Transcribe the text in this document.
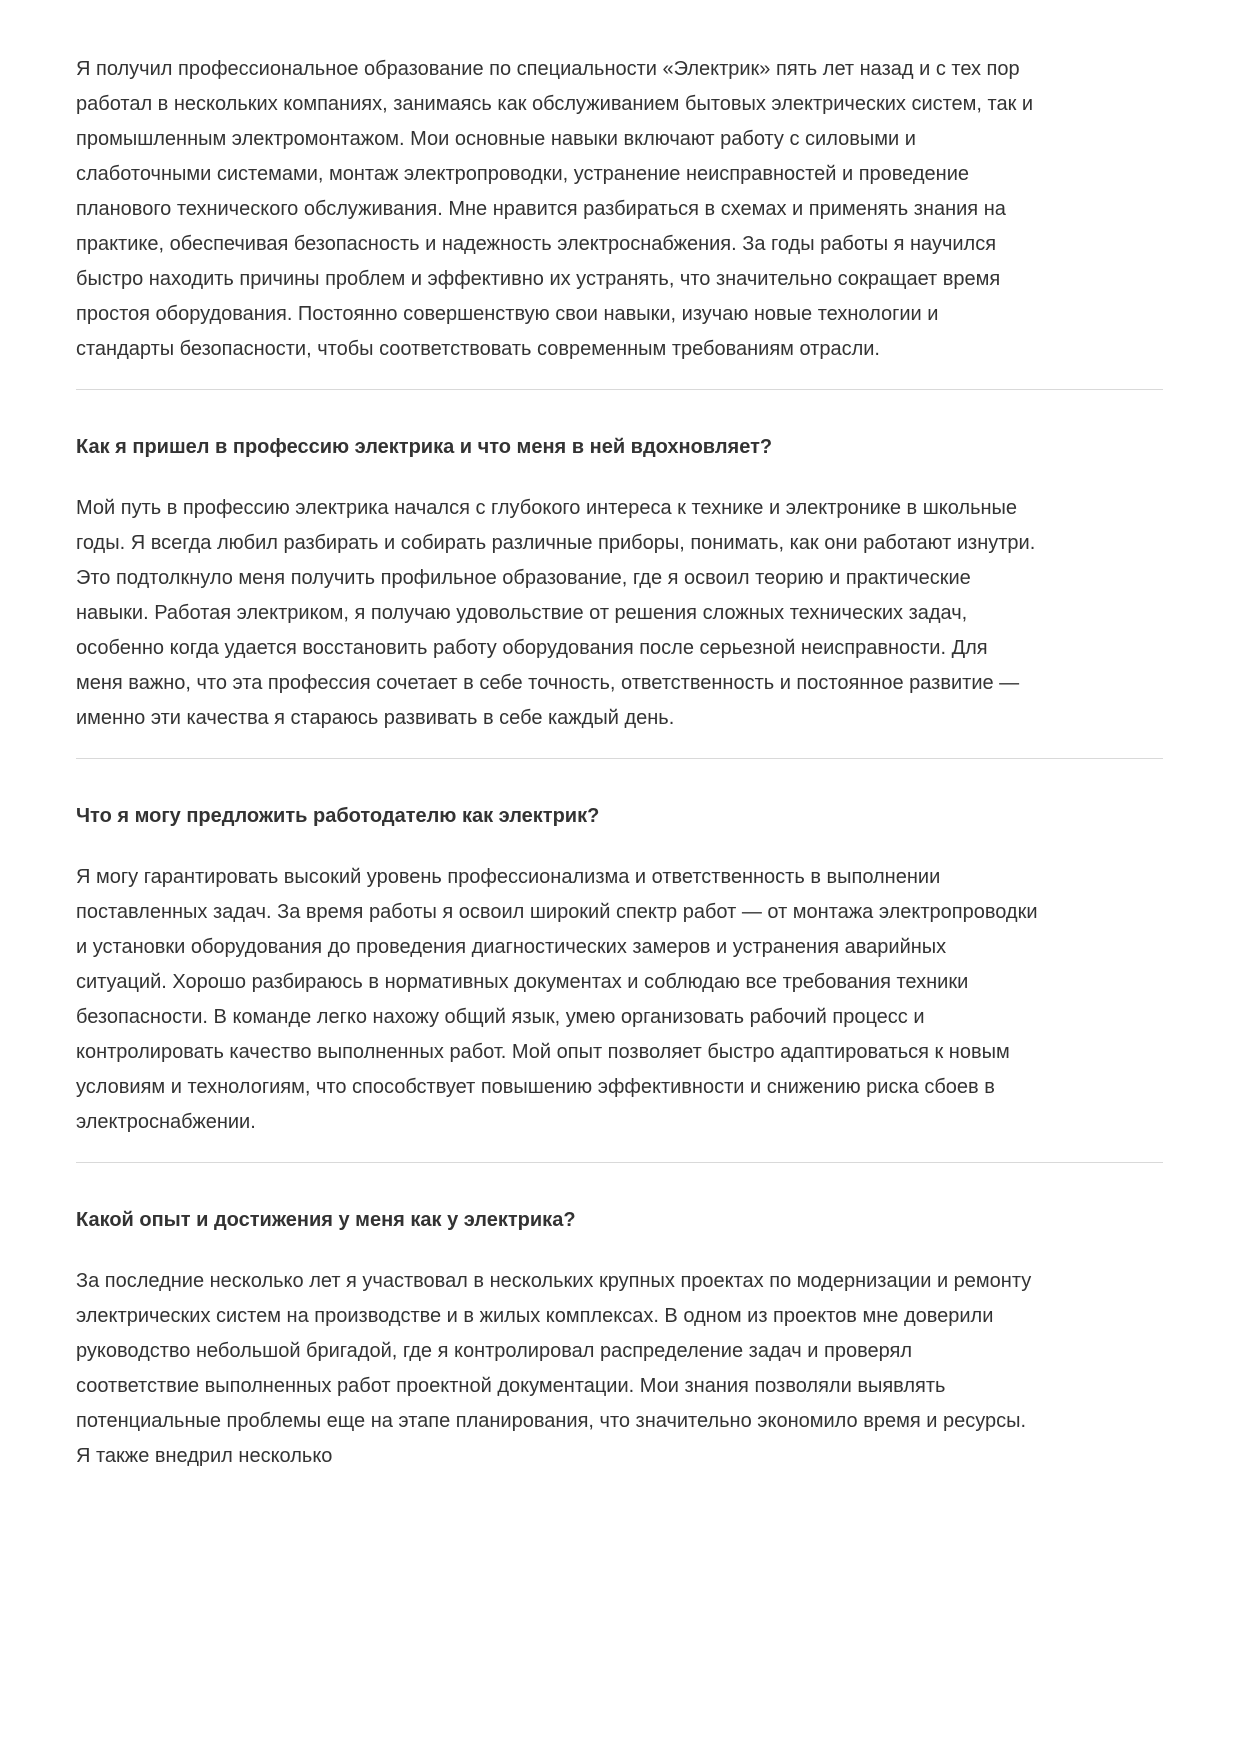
Я получил профессиональное образование по специальности «Электрик» пять лет назад и с тех пор работал в нескольких компаниях, занимаясь как обслуживанием бытовых электрических систем, так и промышленным электромонтажом. Мои основные навыки включают работу с силовыми и слаботочными системами, монтаж электропроводки, устранение неисправностей и проведение планового технического обслуживания. Мне нравится разбираться в схемах и применять знания на практике, обеспечивая безопасность и надежность электроснабжения. За годы работы я научился быстро находить причины проблем и эффективно их устранять, что значительно сокращает время простоя оборудования. Постоянно совершенствую свои навыки, изучаю новые технологии и стандарты безопасности, чтобы соответствовать современным требованиям отрасли.

Как я пришел в профессию электрика и что меня в ней вдохновляет?

Мой путь в профессию электрика начался с глубокого интереса к технике и электронике в школьные годы. Я всегда любил разбирать и собирать различные приборы, понимать, как они работают изнутри. Это подтолкнуло меня получить профильное образование, где я освоил теорию и практические навыки. Работая электриком, я получаю удовольствие от решения сложных технических задач, особенно когда удается восстановить работу оборудования после серьезной неисправности. Для меня важно, что эта профессия сочетает в себе точность, ответственность и постоянное развитие — именно эти качества я стараюсь развивать в себе каждый день.

Что я могу предложить работодателю как электрик?

Я могу гарантировать высокий уровень профессионализма и ответственность в выполнении поставленных задач. За время работы я освоил широкий спектр работ — от монтажа электропроводки и установки оборудования до проведения диагностических замеров и устранения аварийных ситуаций. Хорошо разбираюсь в нормативных документах и соблюдаю все требования техники безопасности. В команде легко нахожу общий язык, умею организовать рабочий процесс и контролировать качество выполненных работ. Мой опыт позволяет быстро адаптироваться к новым условиям и технологиям, что способствует повышению эффективности и снижению риска сбоев в электроснабжении.

Какой опыт и достижения у меня как у электрика?

За последние несколько лет я участвовал в нескольких крупных проектах по модернизации и ремонту электрических систем на производстве и в жилых комплексах. В одном из проектов мне доверили руководство небольшой бригадой, где я контролировал распределение задач и проверял соответствие выполненных работ проектной документации. Мои знания позволяли выявлять потенциальные проблемы еще на этапе планирования, что значительно экономило время и ресурсы. Я также внедрил несколько
